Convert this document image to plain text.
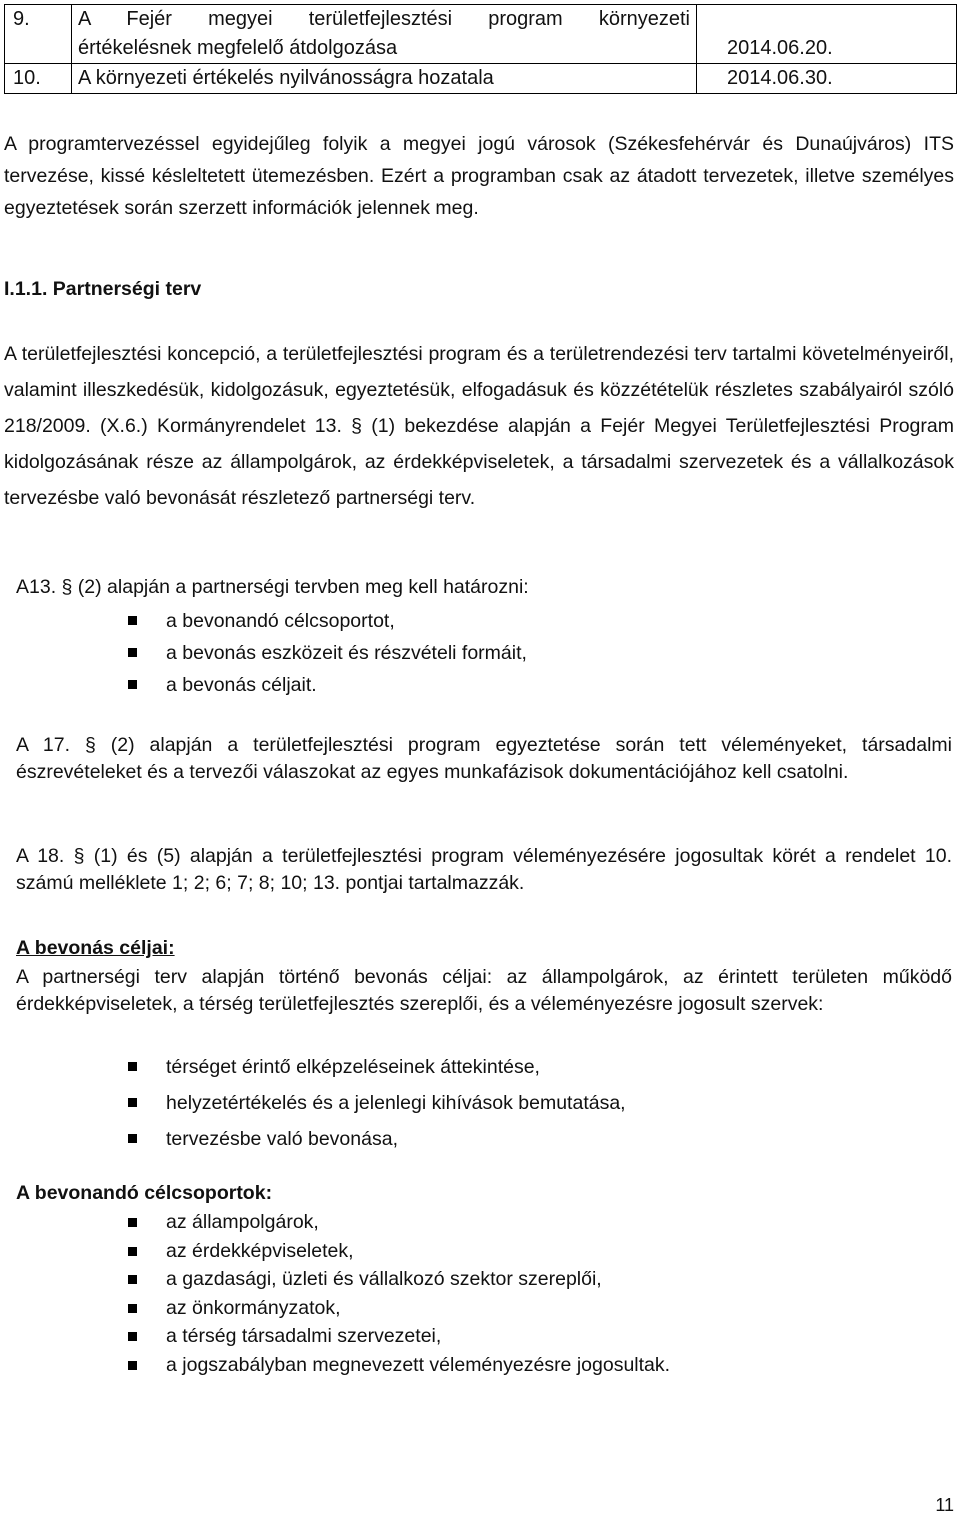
9.	A Fejér megyei területfejlesztési program környezeti
értékelésnek megfelelő átdolgozása	2014.06.20.
10.	A környezeti értékelés nyilvánosságra hozatala	2014.06.30.

A programtervezéssel egyidejűleg folyik a megyei jogú városok (Székesfehérvár és Dunaújváros) ITS tervezése, kissé késleltetett ütemezésben. Ezért a programban csak az átadott tervezetek, illetve személyes egyeztetések során szerzett információk jelennek meg.

I.1.1. Partnerségi terv

A területfejlesztési koncepció, a területfejlesztési program és a területrendezési terv tartalmi követelményeiről, valamint illeszkedésük, kidolgozásuk, egyeztetésük, elfogadásuk és közzétételük részletes szabályairól szóló 218/2009. (X.6.) Kormányrendelet 13. § (1) bekezdése alapján a Fejér Megyei Területfejlesztési Program kidolgozásának része az állampolgárok, az érdekképviseletek, a társadalmi szervezetek és a vállalkozások tervezésbe való bevonását részletező partnerségi terv.

A13. § (2) alapján a partnerségi tervben meg kell határozni:

a bevonandó célcsoportot,
a bevonás eszközeit és részvételi formáit,
a bevonás céljait.

A 17. § (2) alapján a területfejlesztési program egyeztetése során tett véleményeket, társadalmi észrevételeket és a tervezői válaszokat az egyes munkafázisok dokumentációjához kell csatolni.

A 18. § (1) és (5) alapján a területfejlesztési program véleményezésére jogosultak körét a rendelet 10. számú melléklete 1; 2; 6; 7; 8; 10; 13. pontjai tartalmazzák.

A bevonás céljai:

A partnerségi terv alapján történő bevonás céljai: az állampolgárok, az érintett területen működő érdekképviseletek, a térség területfejlesztés szereplői, és a véleményezésre jogosult szervek:

térséget érintő elképzeléseinek áttekintése,
helyzetértékelés és a jelenlegi kihívások bemutatása,
tervezésbe való bevonása,
A bevonandó célcsoportok:
az állampolgárok,
az érdekképviseletek,
a gazdasági, üzleti és vállalkozó szektor szereplői,
az önkormányzatok,
a térség társadalmi szervezetei,
a jogszabályban megnevezett véleményezésre jogosultak.
11
